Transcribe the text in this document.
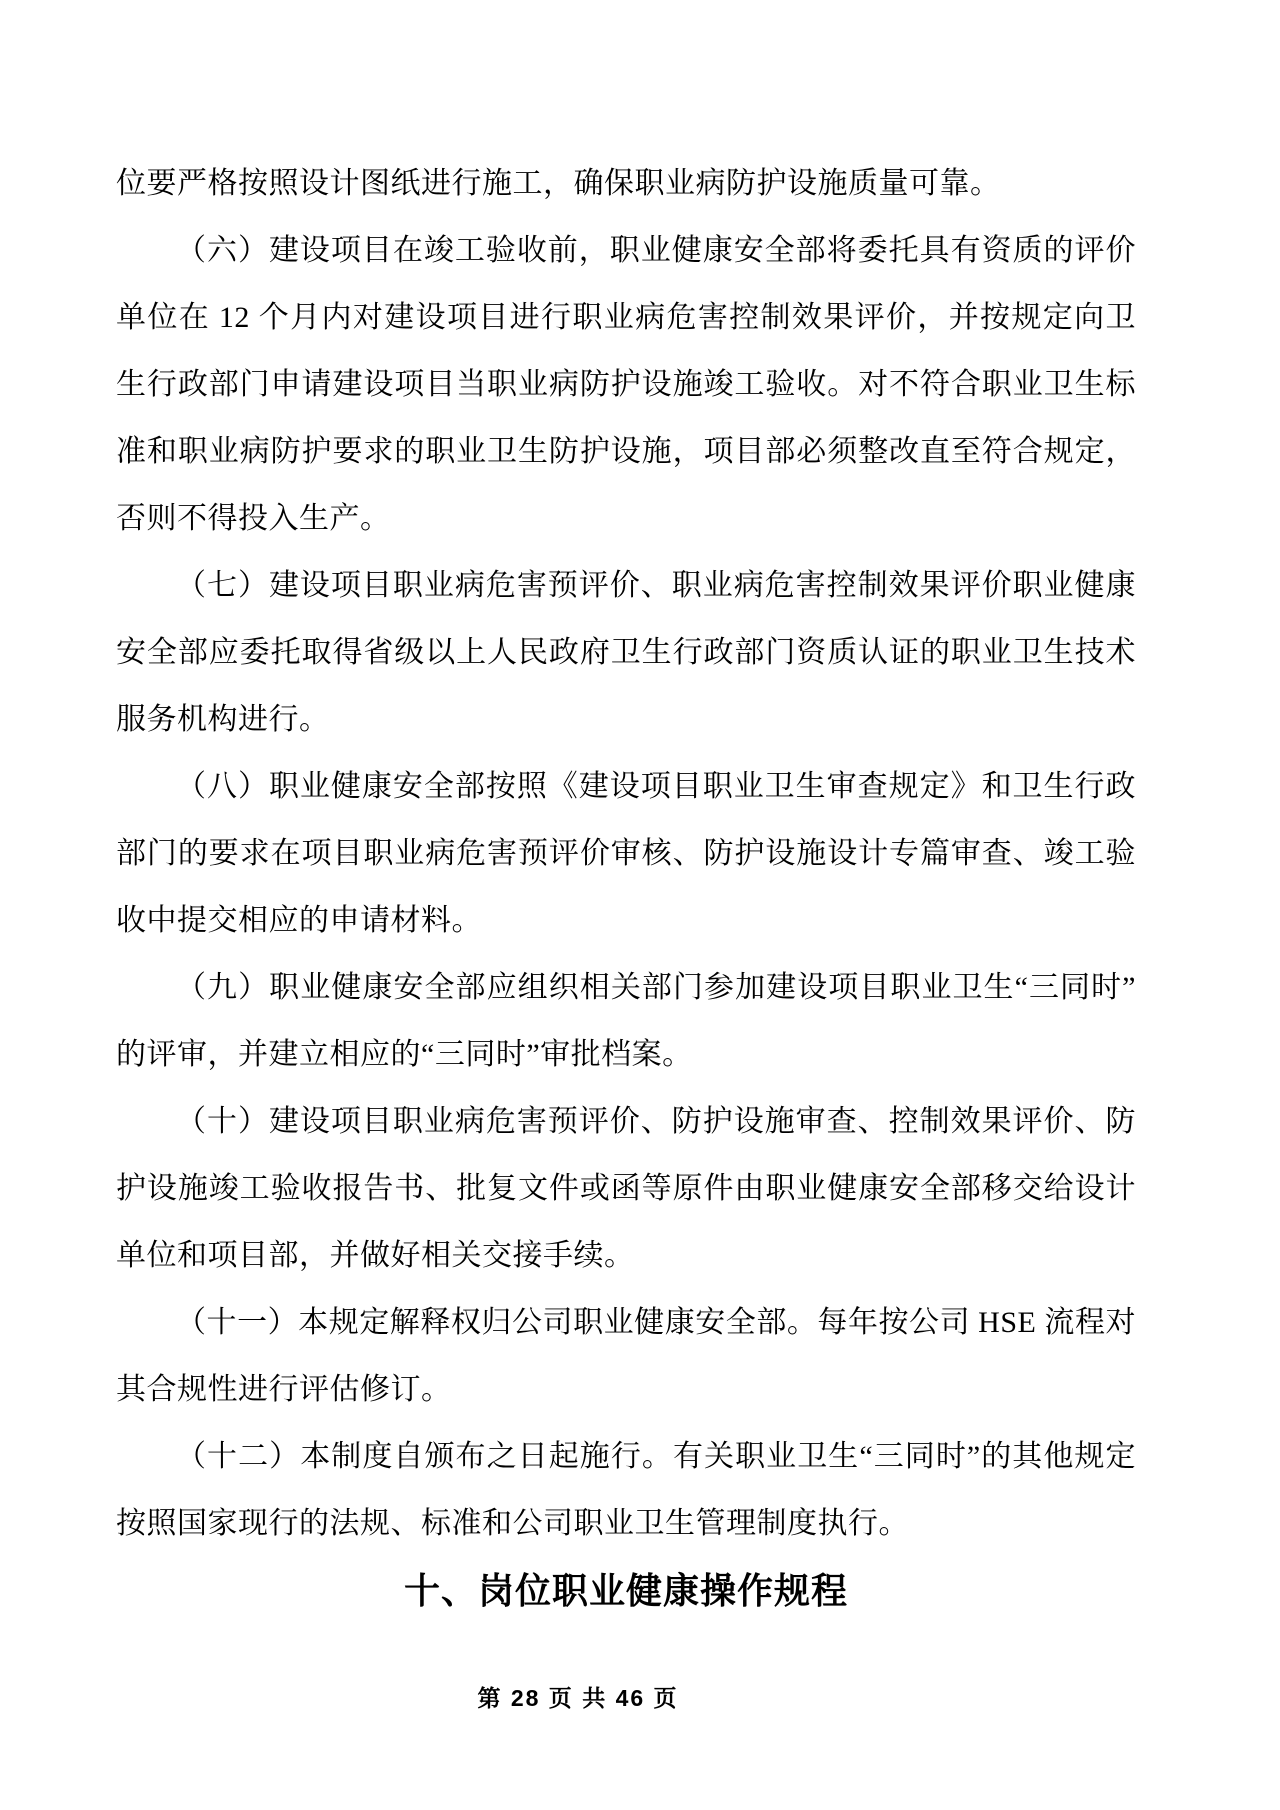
位要严格按照设计图纸进行施工，确保职业病防护设施质量可靠。

（六）建设项目在竣工验收前，职业健康安全部将委托具有资质的评价单位在 12 个月内对建设项目进行职业病危害控制效果评价，并按规定向卫生行政部门申请建设项目当职业病防护设施竣工验收。对不符合职业卫生标准和职业病防护要求的职业卫生防护设施，项目部必须整改直至符合规定，否则不得投入生产。

（七）建设项目职业病危害预评价、职业病危害控制效果评价职业健康安全部应委托取得省级以上人民政府卫生行政部门资质认证的职业卫生技术服务机构进行。

（八）职业健康安全部按照《建设项目职业卫生审查规定》和卫生行政部门的要求在项目职业病危害预评价审核、防护设施设计专篇审查、竣工验收中提交相应的申请材料。

（九）职业健康安全部应组织相关部门参加建设项目职业卫生“三同时”的评审，并建立相应的“三同时”审批档案。

（十）建设项目职业病危害预评价、防护设施审查、控制效果评价、防护设施竣工验收报告书、批复文件或函等原件由职业健康安全部移交给设计单位和项目部，并做好相关交接手续。

（十一）本规定解释权归公司职业健康安全部。每年按公司 HSE 流程对其合规性进行评估修订。

（十二）本制度自颁布之日起施行。有关职业卫生“三同时”的其他规定按照国家现行的法规、标准和公司职业卫生管理制度执行。

十、岗位职业健康操作规程
第 28 页 共 46 页
